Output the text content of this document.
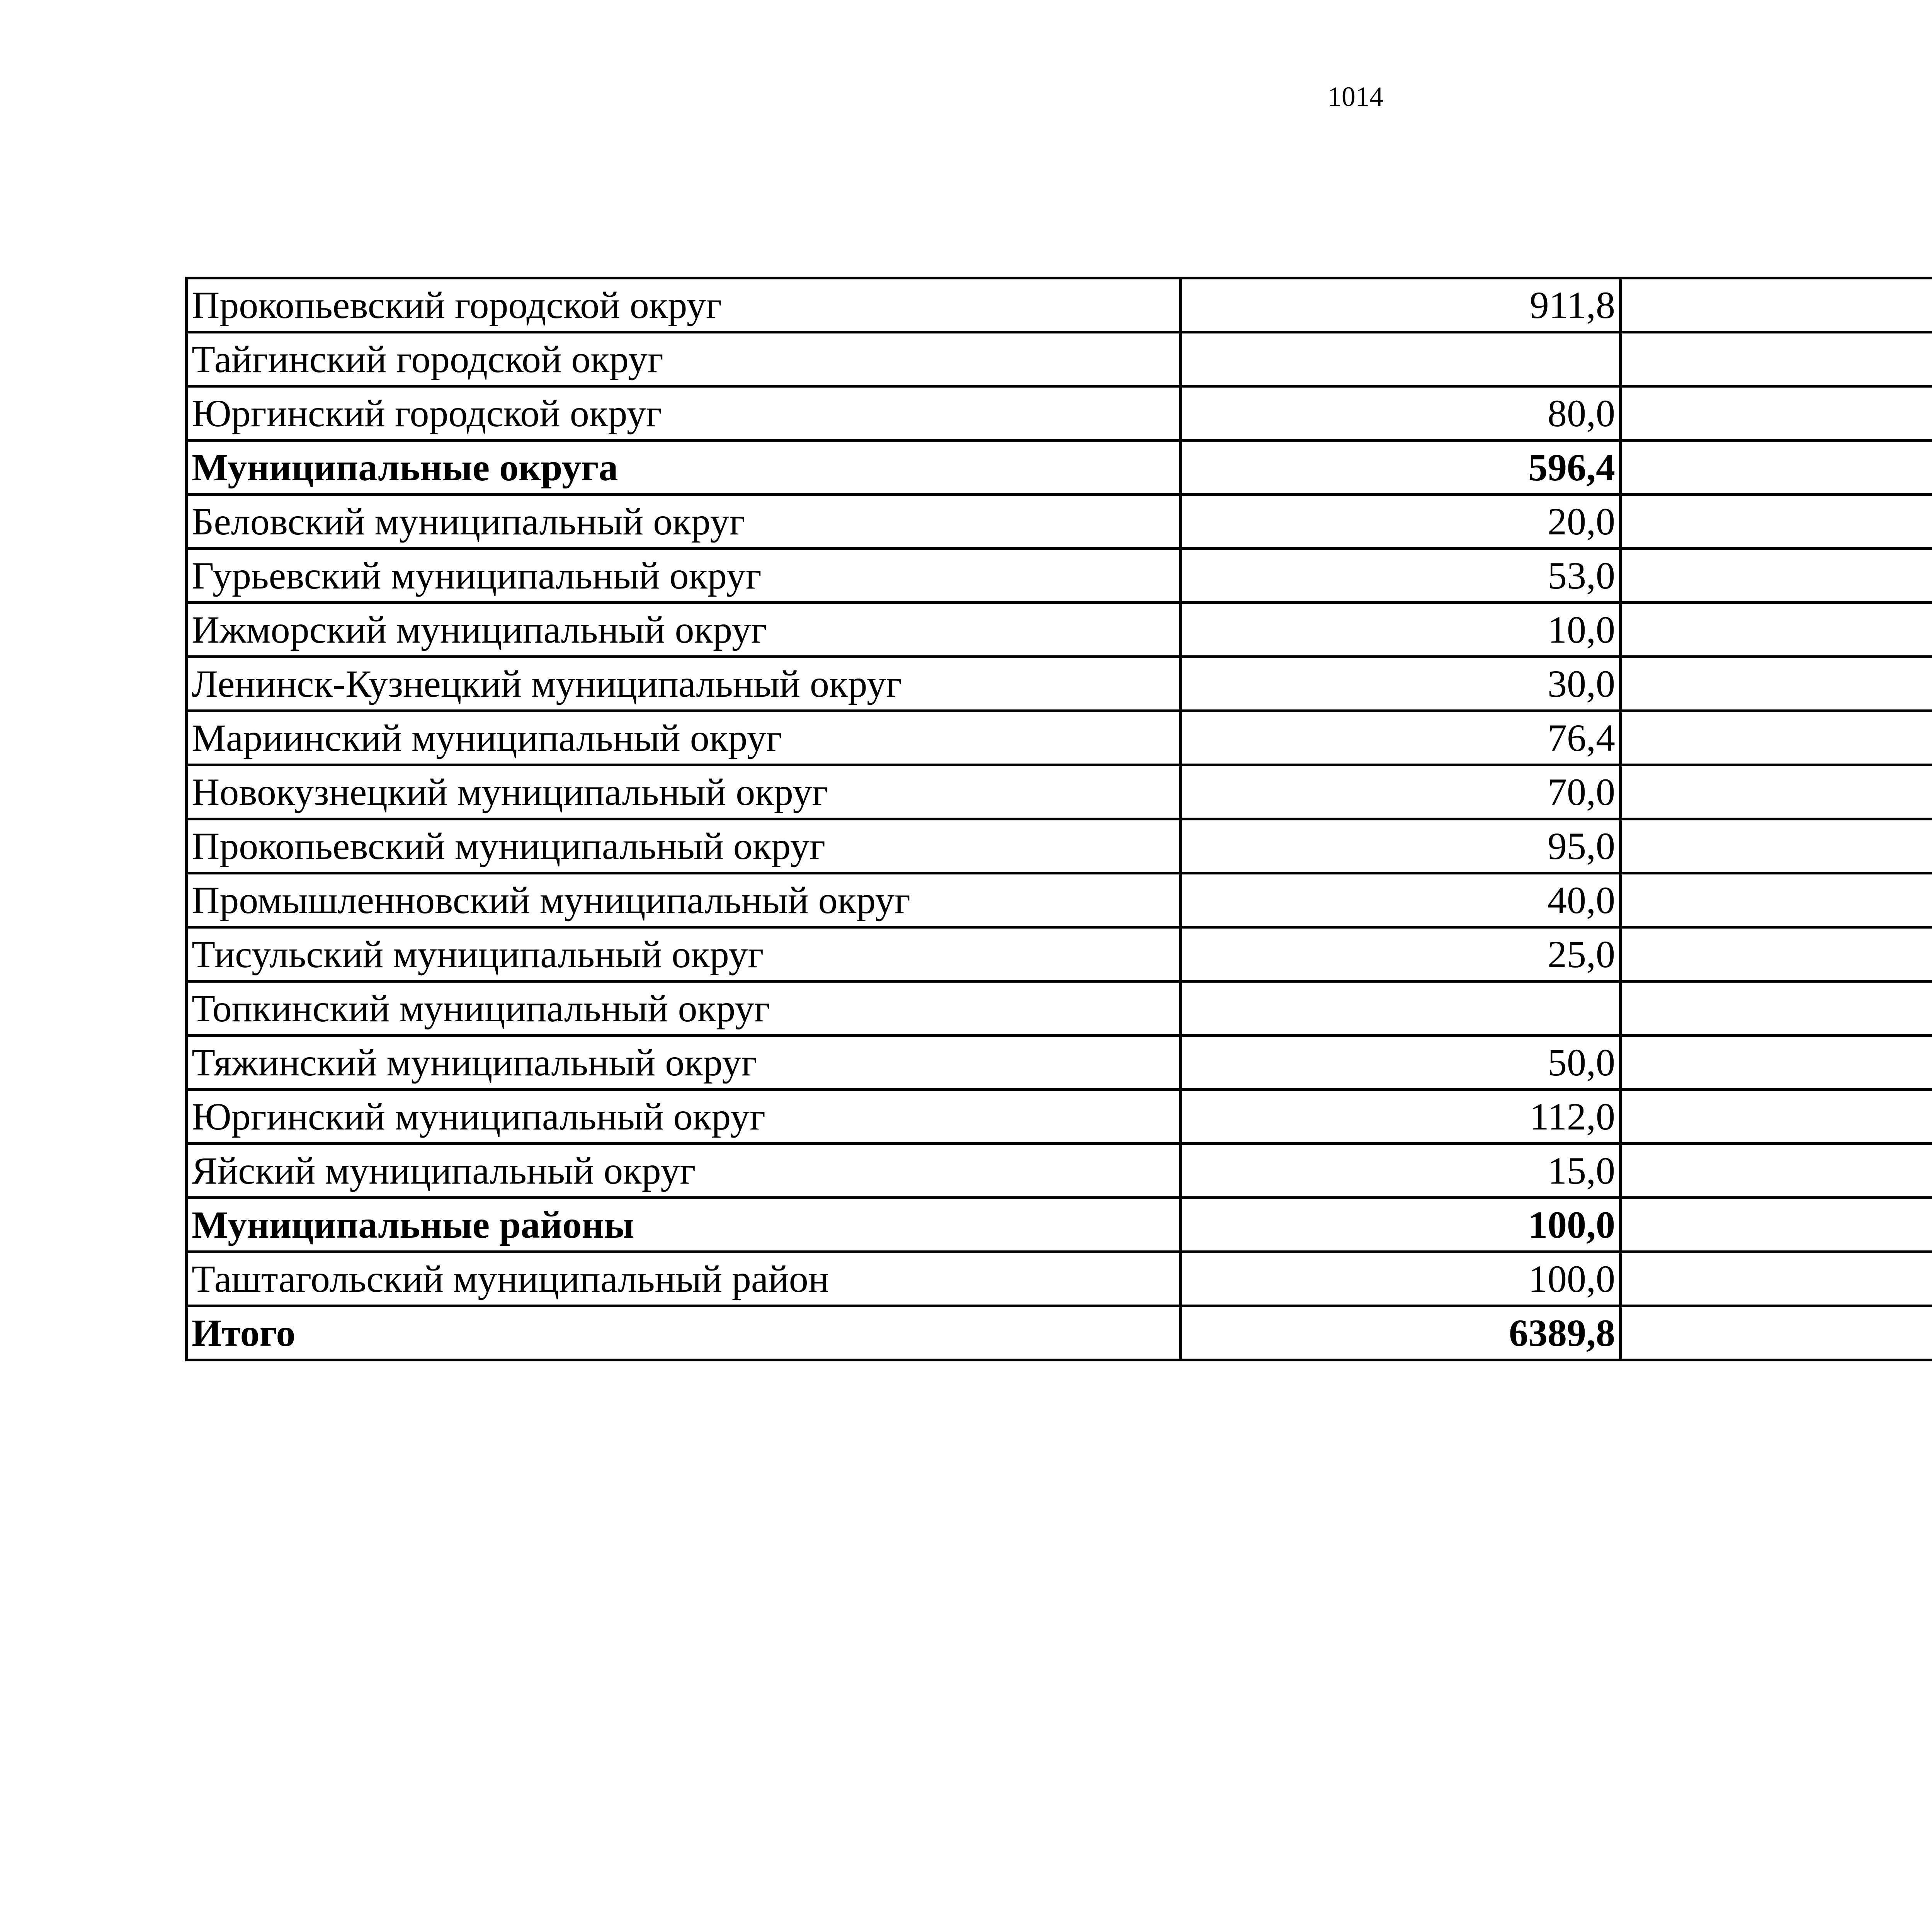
1014
Прокопьевский городской округ	911,8		
Тайгинский городской округ			
Юргинский городской округ	80,0		
Муниципальные округа	596,4		
Беловский муниципальный округ	20,0		
Гурьевский муниципальный округ	53,0		
Ижморский муниципальный округ	10,0		
Ленинск-Кузнецкий муниципальный округ	30,0		
Мариинский муниципальный округ	76,4		
Новокузнецкий муниципальный округ	70,0		
Прокопьевский муниципальный округ	95,0		
Промышленновский муниципальный округ	40,0		
Тисульский муниципальный округ	25,0		
Топкинский муниципальный округ			
Тяжинский муниципальный округ	50,0		
Юргинский муниципальный округ	112,0		
Яйский муниципальный округ	15,0		
Муниципальные районы	100,0		
Таштагольский муниципальный район	100,0		
Итого	6389,8		
